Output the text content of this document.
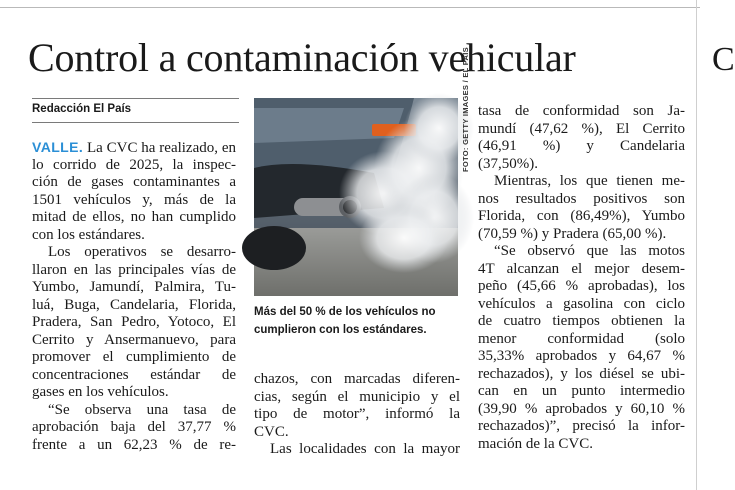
C
Control a contaminación vehicular
Redacción El País
VALLE. La CVC ha realizado, en
lo corrido de 2025, la inspec-
ción de gases contaminantes a
1501 vehículos y, más de la
mitad de ellos, no han cumplido
con los estándares.
Los operativos se desarro-
llaron en las principales vías de
Yumbo, Jamundí, Palmira, Tu-
luá, Buga, Candelaria, Florida,
Pradera, San Pedro, Yotoco, El
Cerrito y Ansermanuevo, para
promover el cumplimiento de
concentraciones estándar de
gases en los vehículos.
“Se observa una tasa de
aprobación baja del 37,77 %
frente a un 62,23 % de re-
FOTO: GETTY IMAGES / EL PAÍS
Más del 50 % de los vehículos no
cumplieron con los estándares.
chazos, con marcadas diferen-
cias, según el municipio y el
tipo de motor”, informó la
CVC.
Las localidades con la mayor
tasa de conformidad son Ja-
mundí (47,62 %), El Cerrito
(46,91 %) y Candelaria
(37,50%).
Mientras, los que tienen me-
nos resultados positivos son
Florida, con (86,49%), Yumbo
(70,59 %) y Pradera (65,00 %).
“Se observó que las motos
4T alcanzan el mejor desem-
peño (45,66 % aprobadas), los
vehículos a gasolina con ciclo
de cuatro tiempos obtienen la
menor conformidad (solo
35,33% aprobados y 64,67 %
rechazados), y los diésel se ubi-
can en un punto intermedio
(39,90 % aprobados y 60,10 %
rechazados)”, precisó la infor-
mación de la CVC.
